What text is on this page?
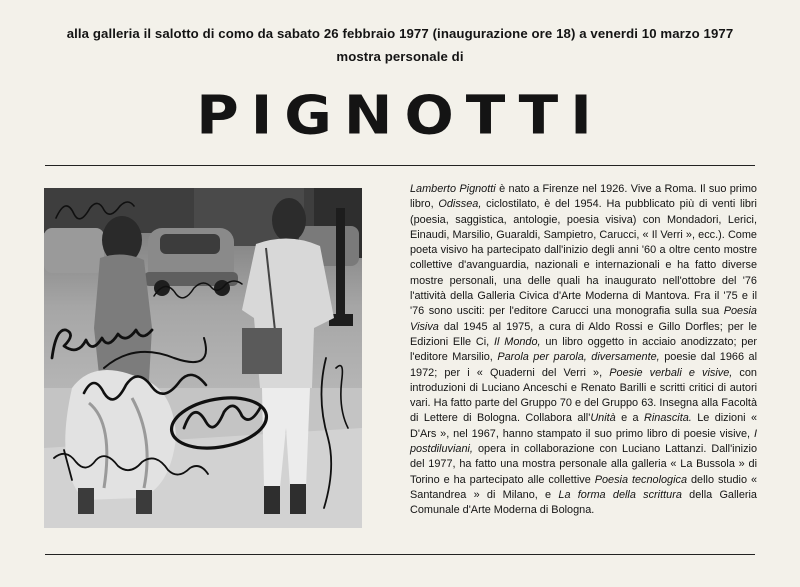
alla galleria il salotto di como da sabato 26 febbraio 1977 (inaugurazione ore 18) a venerdi 10 marzo 1977
mostra personale di
PIGNOTTI

Lamberto Pignotti è nato a Firenze nel 1926. Vive a Roma. Il suo primo libro, Odissea, ciclostilato, è del 1954. Ha pubblicato più di venti libri (poesia, saggistica, antologie, poesia visiva) con Mondadori, Lerici, Einaudi, Marsilio, Guaraldi, Sampietro, Carucci, « Il Verri », ecc.). Come poeta visivo ha partecipato dall'inizio degli anni '60 a oltre cento mostre collettive d'avanguardia, nazionali e internazionali e ha fatto diverse mostre personali, una delle quali ha inaugurato nell'ottobre del '76 l'attività della Galleria Civica d'Arte Moderna di Mantova. Fra il '75 e il '76 sono usciti: per l'editore Carucci una monografia sulla sua Poesia Visiva dal 1945 al 1975, a cura di Aldo Rossi e Gillo Dorfles; per le Edizioni Elle Ci, Il Mondo, un libro oggetto in acciaio anodizzato; per l'editore Marsilio, Parola per parola, diversamente, poesie dal 1966 al 1972; per i « Quaderni del Verri », Poesie verbali e visive, con introduzioni di Luciano Anceschi e Renato Barilli e scritti critici di autori vari. Ha fatto parte del Gruppo 70 e del Gruppo 63. Insegna alla Facoltà di Lettere di Bologna. Collabora all'Unità e a Rinascita. Le dizioni « D'Ars », nel 1967, hanno stampato il suo primo libro di poesie visive, I postdiluviani, opera in collaborazione con Luciano Lattanzi. Dall'inizio del 1977, ha fatto una mostra personale alla galleria « La Bussola » di Torino e ha partecipato alle collettive Poesia tecnologica dello studio « Santandrea » di Milano, e La forma della scrittura della Galleria Comunale d'Arte Moderna di Bologna.
